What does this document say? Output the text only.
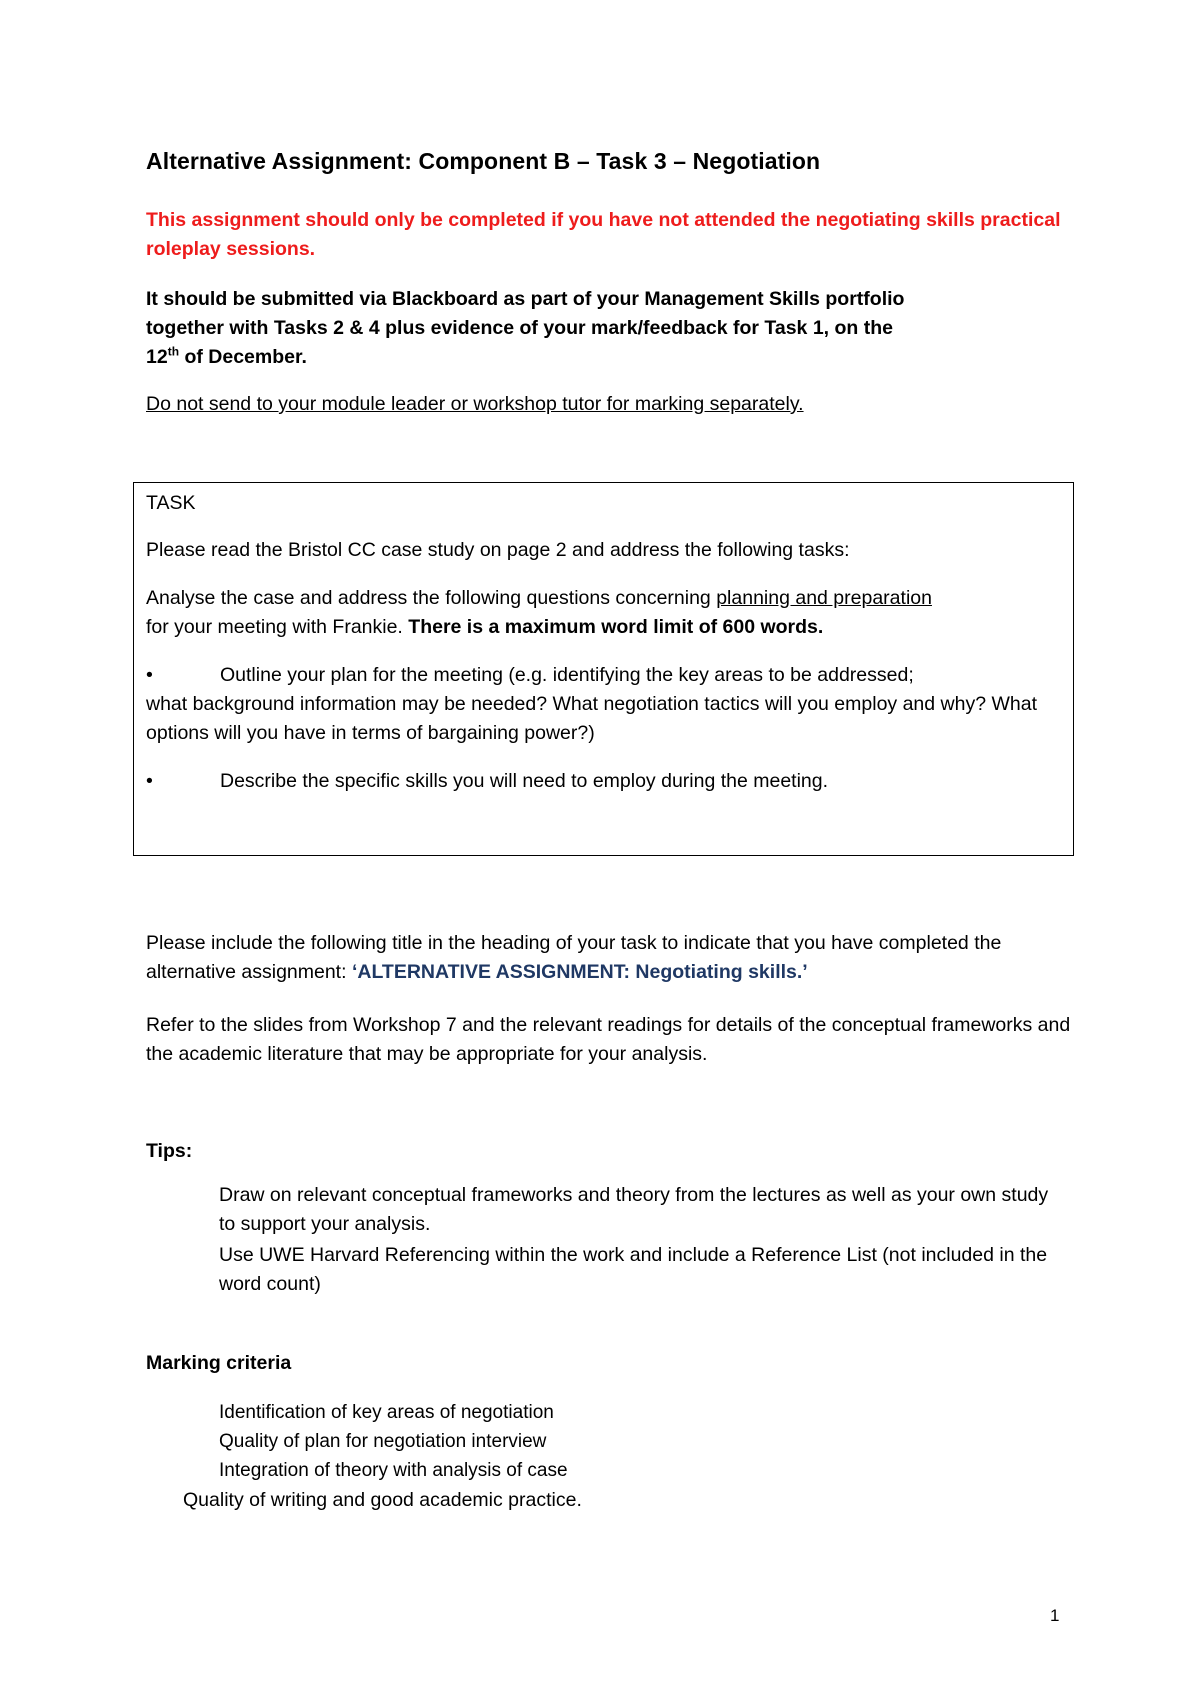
Alternative Assignment: Component B – Task 3 – Negotiation
This assignment should only be completed if you have not attended the negotiating skills practical roleplay sessions.
It should be submitted via Blackboard as part of your Management Skills portfolio
together with Tasks 2 & 4 plus evidence of your mark/feedback for Task 1, on the
12th of December.
Do not send to your module leader or workshop tutor for marking separately.
TASK
Please read the Bristol CC case study on page 2 and address the following tasks:
Analyse the case and address the following questions concerning planning and preparation
for your meeting with Frankie. There is a maximum word limit of 600 words.
•	Outline your plan for the meeting (e.g. identifying the key areas to be addressed;
what background information may be needed? What negotiation tactics will you employ and why? What options will you have in terms of bargaining power?)
•	Describe the specific skills you will need to employ during the meeting.
Please include the following title in the heading of your task to indicate that you have completed the alternative assignment: ‘ALTERNATIVE ASSIGNMENT: Negotiating skills.’
Refer to the slides from Workshop 7 and the relevant readings for details of the conceptual frameworks and the academic literature that may be appropriate for your analysis.
Tips:
Draw on relevant conceptual frameworks and theory from the lectures as well as your own study to support your analysis.
Use UWE Harvard Referencing within the work and include a Reference List (not included in the word count)
Marking criteria
Identification of key areas of negotiation
Quality of plan for negotiation interview
Integration of theory with analysis of case
Quality of writing and good academic practice.
1
